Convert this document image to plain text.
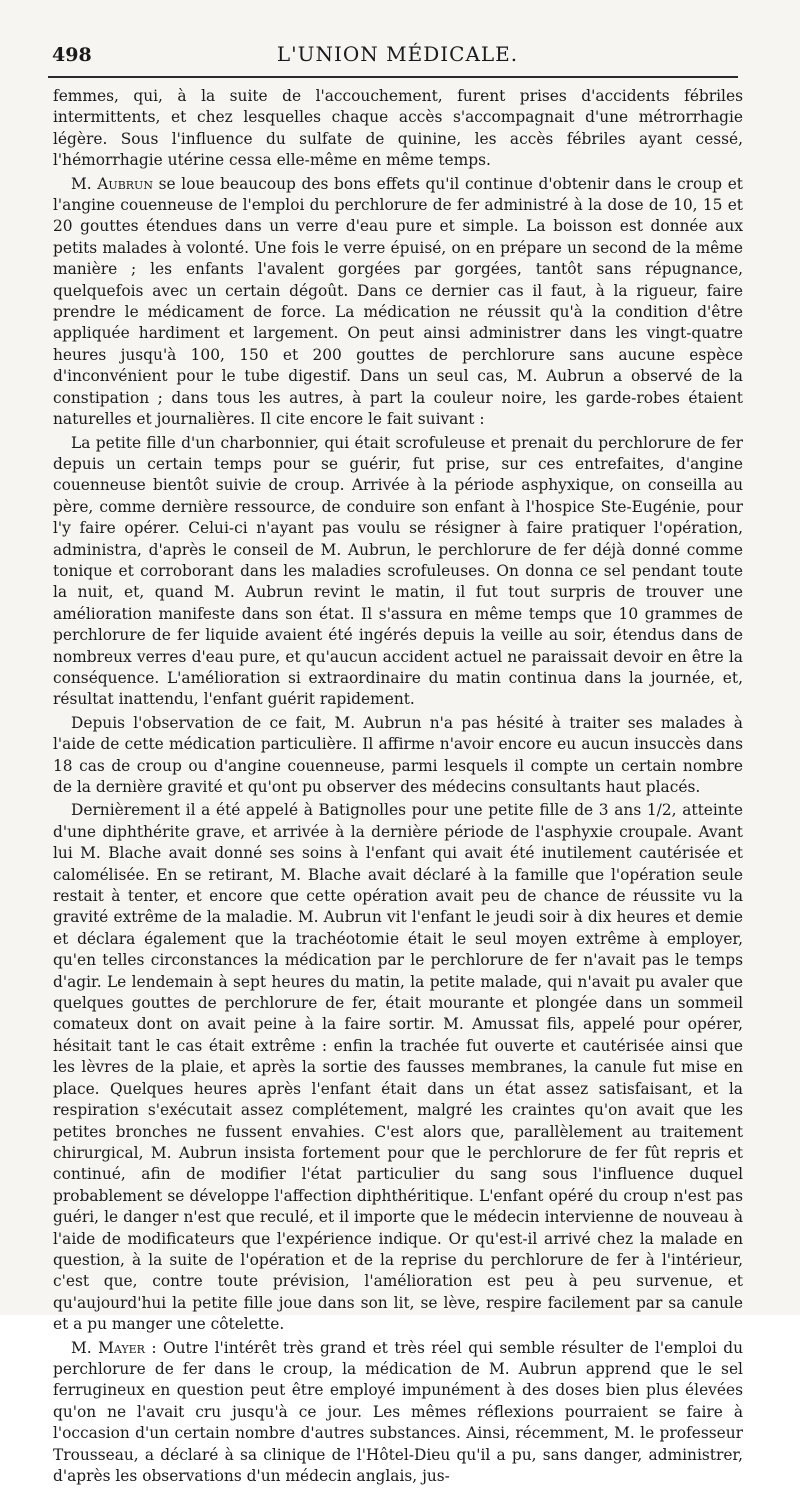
498	L'UNION MÉDICALE.

femmes, qui, à la suite de l'accouchement, furent prises d'accidents fébriles intermittents, et chez lesquelles chaque accès s'accompagnait d'une métrorrhagie légère. Sous l'influence du sulfate de quinine, les accès fébriles ayant cessé, l'hémorrhagie utérine cessa elle-même en même temps.

M. Aubrun se loue beaucoup des bons effets qu'il continue d'obtenir dans le croup et l'angine couenneuse de l'emploi du perchlorure de fer administré à la dose de 10, 15 et 20 gouttes étendues dans un verre d'eau pure et simple. La boisson est donnée aux petits malades à volonté. Une fois le verre épuisé, on en prépare un second de la même manière ; les enfants l'avalent gorgées par gorgées, tantôt sans répugnance, quelquefois avec un certain dégoût. Dans ce dernier cas il faut, à la rigueur, faire prendre le médicament de force. La médication ne réussit qu'à la condition d'être appliquée hardiment et largement. On peut ainsi administrer dans les vingt-quatre heures jusqu'à 100, 150 et 200 gouttes de perchlorure sans aucune espèce d'inconvénient pour le tube digestif. Dans un seul cas, M. Aubrun a observé de la constipation ; dans tous les autres, à part la couleur noire, les garde-robes étaient naturelles et journalières. Il cite encore le fait suivant :

La petite fille d'un charbonnier, qui était scrofuleuse et prenait du perchlorure de fer depuis un certain temps pour se guérir, fut prise, sur ces entrefaites, d'angine couenneuse bientôt suivie de croup. Arrivée à la période asphyxique, on conseilla au père, comme dernière ressource, de conduire son enfant à l'hospice Ste-Eugénie, pour l'y faire opérer. Celui-ci n'ayant pas voulu se résigner à faire pratiquer l'opération, administra, d'après le conseil de M. Aubrun, le perchlorure de fer déjà donné comme tonique et corroborant dans les maladies scrofuleuses. On donna ce sel pendant toute la nuit, et, quand M. Aubrun revint le matin, il fut tout surpris de trouver une amélioration manifeste dans son état. Il s'assura en même temps que 10 grammes de perchlorure de fer liquide avaient été ingérés depuis la veille au soir, étendus dans de nombreux verres d'eau pure, et qu'aucun accident actuel ne paraissait devoir en être la conséquence. L'amélioration si extraordinaire du matin continua dans la journée, et, résultat inattendu, l'enfant guérit rapidement.

Depuis l'observation de ce fait, M. Aubrun n'a pas hésité à traiter ses malades à l'aide de cette médication particulière. Il affirme n'avoir encore eu aucun insuccès dans 18 cas de croup ou d'angine couenneuse, parmi lesquels il compte un certain nombre de la dernière gravité et qu'ont pu observer des médecins consultants haut placés.

Dernièrement il a été appelé à Batignolles pour une petite fille de 3 ans 1/2, atteinte d'une diphthérite grave, et arrivée à la dernière période de l'asphyxie croupale. Avant lui M. Blache avait donné ses soins à l'enfant qui avait été inutilement cautérisée et calomélisée. En se retirant, M. Blache avait déclaré à la famille que l'opération seule restait à tenter, et encore que cette opération avait peu de chance de réussite vu la gravité extrême de la maladie. M. Aubrun vit l'enfant le jeudi soir à dix heures et demie et déclara également que la trachéotomie était le seul moyen extrême à employer, qu'en telles circonstances la médication par le perchlorure de fer n'avait pas le temps d'agir. Le lendemain à sept heures du matin, la petite malade, qui n'avait pu avaler que quelques gouttes de perchlorure de fer, était mourante et plongée dans un sommeil comateux dont on avait peine à la faire sortir. M. Amussat fils, appelé pour opérer, hésitait tant le cas était extrême : enfin la trachée fut ouverte et cautérisée ainsi que les lèvres de la plaie, et après la sortie des fausses membranes, la canule fut mise en place. Quelques heures après l'enfant était dans un état assez satisfaisant, et la respiration s'exécutait assez complétement, malgré les craintes qu'on avait que les petites bronches ne fussent envahies. C'est alors que, parallèlement au traitement chirurgical, M. Aubrun insista fortement pour que le perchlorure de fer fût repris et continué, afin de modifier l'état particulier du sang sous l'influence duquel probablement se développe l'affection diphthéritique. L'enfant opéré du croup n'est pas guéri, le danger n'est que reculé, et il importe que le médecin intervienne de nouveau à l'aide de modificateurs que l'expérience indique. Or qu'est-il arrivé chez la malade en question, à la suite de l'opération et de la reprise du perchlorure de fer à l'intérieur, c'est que, contre toute prévision, l'amélioration est peu à peu survenue, et qu'aujourd'hui la petite fille joue dans son lit, se lève, respire facilement par sa canule et a pu manger une côtelette.

M. Mayer : Outre l'intérêt très grand et très réel qui semble résulter de l'emploi du perchlorure de fer dans le croup, la médication de M. Aubrun apprend que le sel ferrugineux en question peut être employé impunément à des doses bien plus élevées qu'on ne l'avait cru jusqu'à ce jour. Les mêmes réflexions pourraient se faire à l'occasion d'un certain nombre d'autres substances. Ainsi, récemment, M. le professeur Trousseau, a déclaré à sa clinique de l'Hôtel-Dieu qu'il a pu, sans danger, administrer, d'après les observations d'un médecin anglais, jus-
